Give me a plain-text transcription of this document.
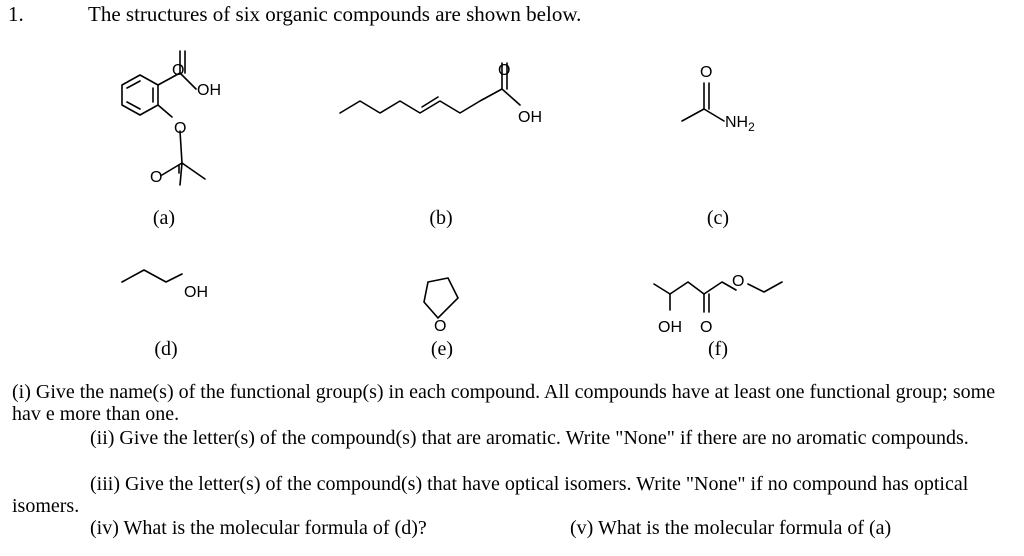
1.	The structures of six organic compounds are shown below.
O
OH
O
O
(a)
O
OH
(b)
O
$NH_2$
(c)
OH
(d)
O
(e)
O
OH O
(f)
(i) Give the name(s) of the functional group(s) in each compound. All compounds have at least one functional group; some hav e more than one.
(ii) Give the letter(s) of the compound(s) that are aromatic. Write "None" if there are no aromatic compounds.
(iii) Give the letter(s) of the compound(s) that have optical isomers. Write "None" if no compound has optical isomers.
(iv) What is the molecular formula of (d)?	(v) What is the molecular formula of (a)
